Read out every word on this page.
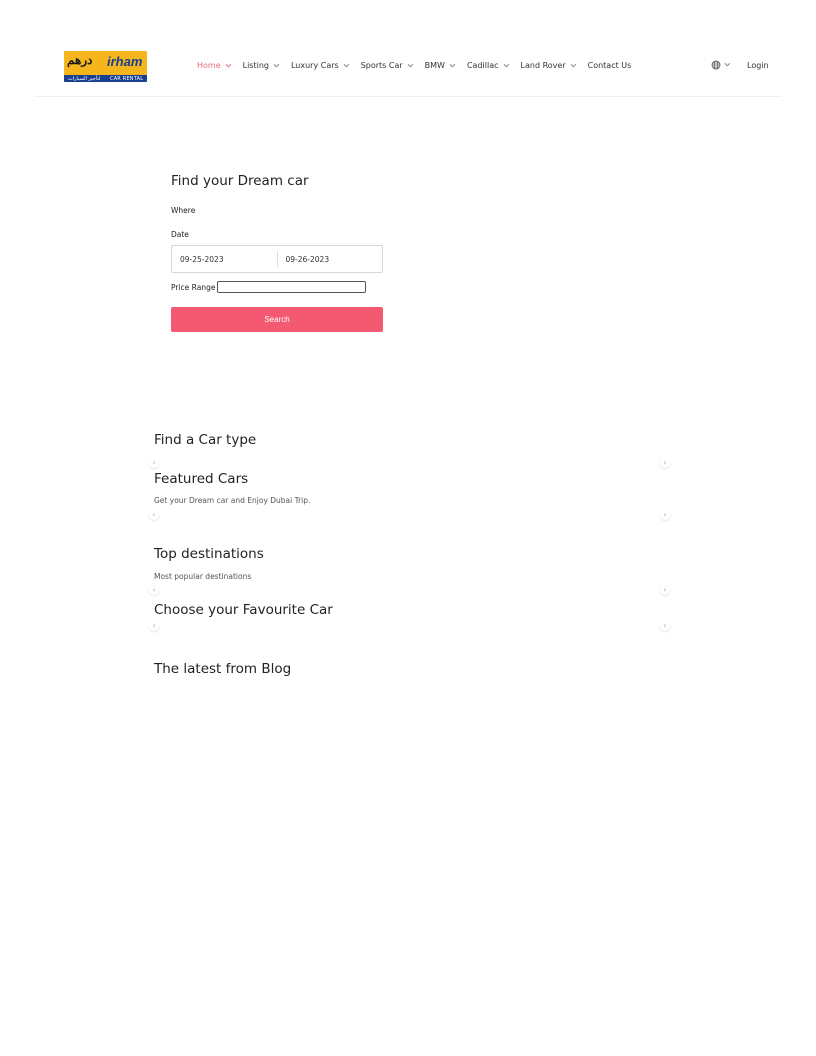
درهم irham
لتأجير السيارات CAR RENTAL
Home	Listing	Luxury Cars	Sports Car	BMW	Cadillac	Land Rover	Contact Us	Login
Find your Dream car
Where
Date
09-25-2023	09-26-2023
Price Range
Search
Find a Car type
‹	›
Featured Cars
Get your Dream car and Enjoy Dubai Trip.
‹	›
Top destinations
Most popular destinations
‹	›
Choose your Favourite Car
‹	›
The latest from Blog
